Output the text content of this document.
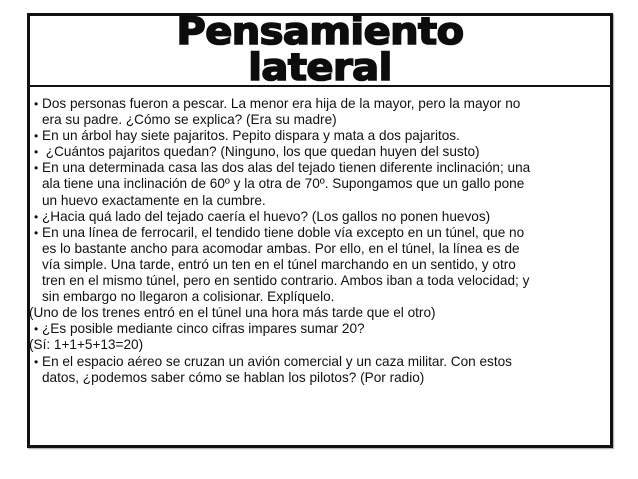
Pensamiento
lateral
• Dos personas fueron a pescar. La menor era hija de la mayor, pero la mayor no
era su padre. ¿Cómo se explica? (Era su madre)
• En un árbol hay siete pajaritos. Pepito dispara y mata a dos pajaritos.
• ¿Cuántos pajaritos quedan? (Ninguno, los que quedan huyen del susto)
• En una determinada casa las dos alas del tejado tienen diferente inclinación; una
ala tiene una inclinación de 60º y la otra de 70º. Supongamos que un gallo pone
un huevo exactamente en la cumbre.
• ¿Hacia quá lado del tejado caería el huevo? (Los gallos no ponen huevos)
• En una línea de ferrocaril, el tendido tiene doble vía excepto en un túnel, que no
es lo bastante ancho para acomodar ambas. Por ello, en el túnel, la línea es de
vía simple. Una tarde, entró un ten en el túnel marchando en un sentido, y otro
tren en el mismo túnel, pero en sentido contrario. Ambos iban a toda velocidad; y
sin embargo no llegaron a colisionar. Explíquelo.
(Uno de los trenes entró en el túnel una hora más tarde que el otro)
• ¿Es posible mediante cinco cifras impares sumar 20?
(Sí: 1+1+5+13=20)
• En el espacio aéreo se cruzan un avión comercial y un caza militar. Con estos
datos, ¿podemos saber cómo se hablan los pilotos? (Por radio)
